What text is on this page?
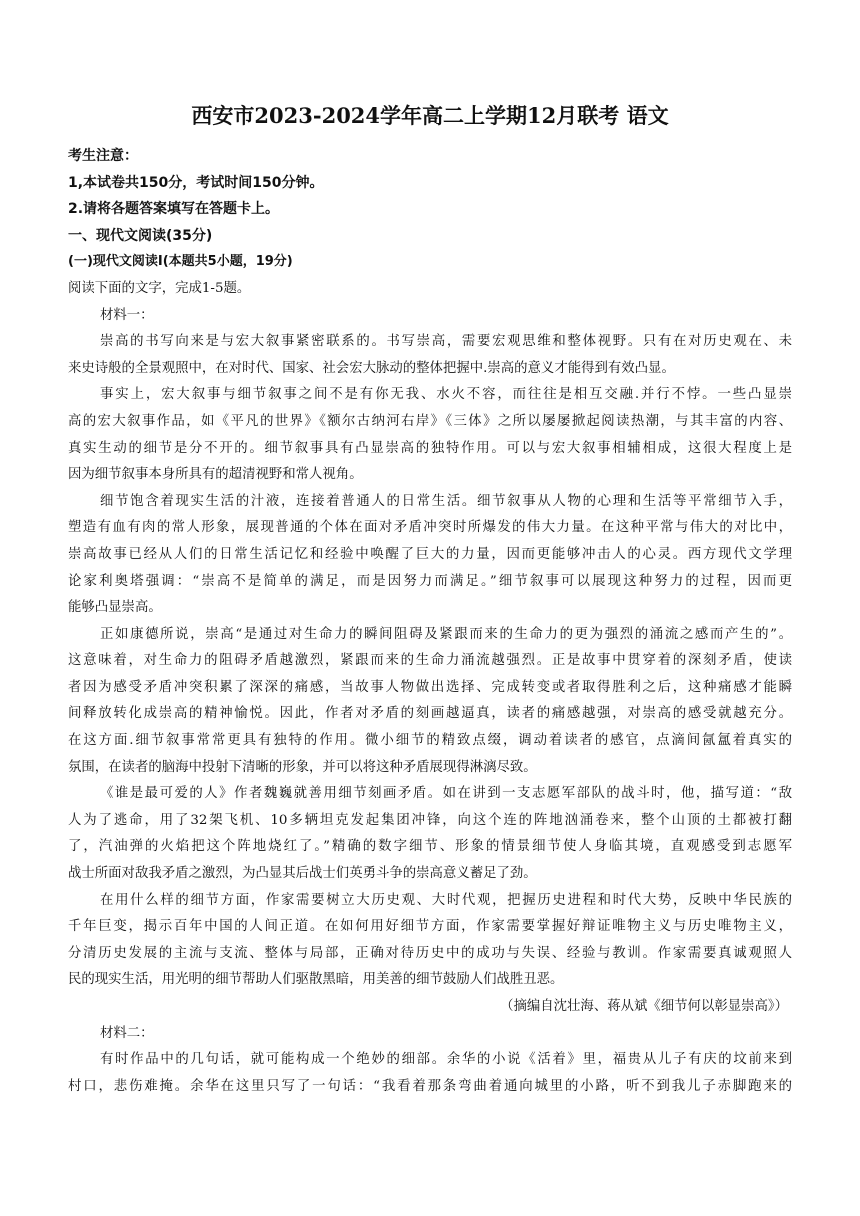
西安市2023-2024学年高二上学期12月联考 语文
考生注意：
1,本试卷共150分，考试时间150分钟。
2.请将各题答案填写在答题卡上。
一、现代文阅读(35分)
(一)现代文阅读Ⅰ(本题共5小题，19分)
阅读下面的文字，完成1-5题。
材料一：
崇高的书写向来是与宏大叙事紧密联系的。书写崇高，需要宏观思维和整体视野。只有在对历史观在、未
来史诗般的全景观照中，在对时代、国家、社会宏大脉动的整体把握中.崇高的意义才能得到有效凸显。
事实上，宏大叙事与细节叙事之间不是有你无我、水火不容，而往往是相互交融.并行不悖。一些凸显崇
高的宏大叙事作品，如《平凡的世界》《额尔古纳河右岸》《三体》之所以屡屡掀起阅读热潮，与其丰富的内容、
真实生动的细节是分不开的。细节叙事具有凸显崇高的独特作用。可以与宏大叙事相辅相成，这很大程度上是
因为细节叙事本身所具有的超清视野和常人视角。
细节饱含着现实生活的汁液，连接着普通人的日常生活。细节叙事从人物的心理和生活等平常细节入手，
塑造有血有肉的常人形象，展现普通的个体在面对矛盾冲突时所爆发的伟大力量。在这种平常与伟大的对比中，
崇高故事已经从人们的日常生活记忆和经验中唤醒了巨大的力量，因而更能够冲击人的心灵。西方现代文学理
论家利奥塔强调：“崇高不是简单的满足，而是因努力而满足。”细节叙事可以展现这种努力的过程，因而更
能够凸显崇高。
正如康德所说，崇高“是通过对生命力的瞬间阻碍及紧跟而来的生命力的更为强烈的涌流之感而产生的”。
这意味着，对生命力的阻碍矛盾越激烈，紧跟而来的生命力涌流越强烈。正是故事中贯穿着的深刻矛盾，使读
者因为感受矛盾冲突积累了深深的痛感，当故事人物做出选择、完成转变或者取得胜利之后，这种痛感才能瞬
间释放转化成崇高的精神愉悦。因此，作者对矛盾的刻画越逼真，读者的痛感越强，对崇高的感受就越充分。
在这方面.细节叙事常常更具有独特的作用。微小细节的精致点缀，调动着读者的感官，点滴间氤氲着真实的
氛围，在读者的脑海中投射下清晰的形象，并可以将这种矛盾展现得淋漓尽致。
《谁是最可爱的人》作者魏巍就善用细节刻画矛盾。如在讲到一支志愿军部队的战斗时，他，描写道：“敌
人为了逃命，用了32架飞机、10多辆坦克发起集团冲锋，向这个连的阵地汹涌卷来，整个山顶的土都被打翻
了，汽油弹的火焰把这个阵地烧红了。”精确的数字细节、形象的情景细节使人身临其境，直观感受到志愿军
战士所面对敌我矛盾之激烈，为凸显其后战士们英勇斗争的崇高意义蓄足了劲。
在用什么样的细节方面，作家需要树立大历史观、大时代观，把握历史进程和时代大势，反映中华民族的
千年巨变，揭示百年中国的人间正道。在如何用好细节方面，作家需要掌握好辩证唯物主义与历史唯物主义，
分清历史发展的主流与支流、整体与局部，正确对待历史中的成功与失误、经验与教训。作家需要真诚观照人
民的现实生活，用光明的细节帮助人们驱散黑暗，用美善的细节鼓励人们战胜丑恶。
（摘编自沈壮海、蒋从斌《细节何以彰显崇高》）
材料二：
有时作品中的几句话，就可能构成一个绝妙的细部。余华的小说《活着》里，福贵从儿子有庆的坟前来到
村口，悲伤难掩。余华在这里只写了一句话：“我看着那条弯曲着通向城里的小路，听不到我儿子赤脚跑来的
